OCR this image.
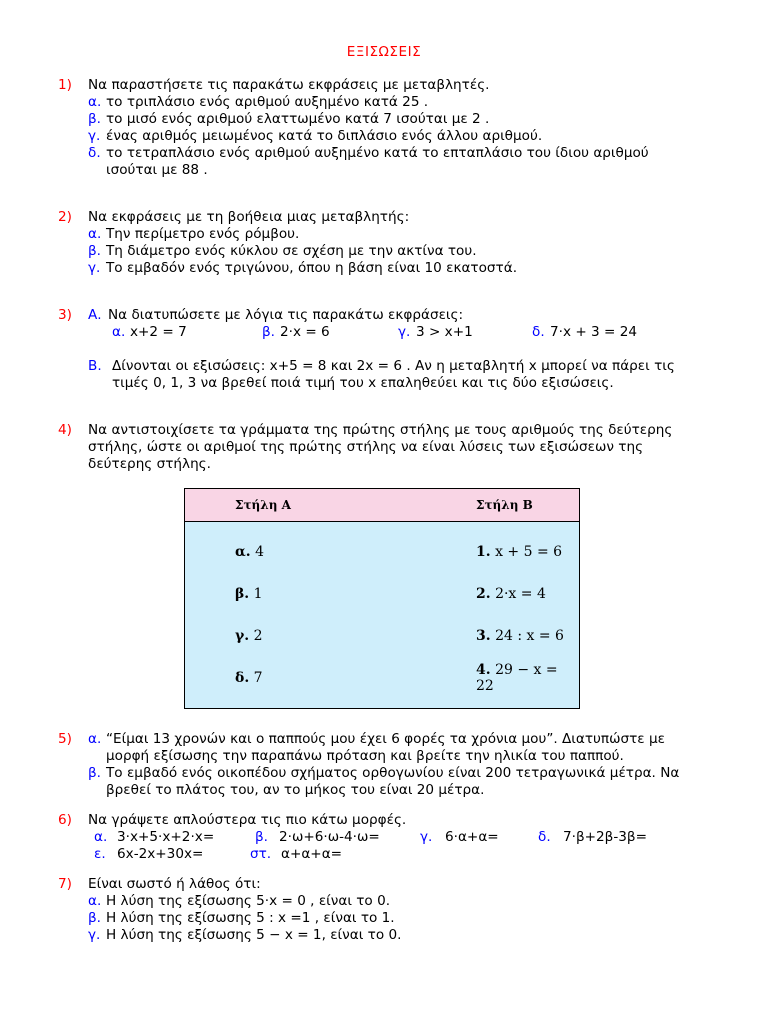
ΕΞΙΣΩΣΕΙΣ
1) Να παραστήσετε τις παρακάτω εκφράσεις με μεταβλητές.
α. το τριπλάσιο ενός αριθμού αυξημένο κατά 25 .
β. το μισό ενός αριθμού ελαττωμένο κατά 7 ισούται με 2 .
γ. ένας αριθμός μειωμένος κατά το διπλάσιο ενός άλλου αριθμού.
δ. το τετραπλάσιο ενός αριθμού αυξημένο κατά το επταπλάσιο του ίδιου αριθμού
ισούται με 88 .
2) Να εκφράσεις με τη βοήθεια μιας μεταβλητής:
α. Την περίμετρο ενός ρόμβου.
β. Τη διάμετρο ενός κύκλου σε σχέση με την ακτίνα του.
γ. Το εμβαδόν ενός τριγώνου, όπου η βάση είναι 10 εκατοστά.
3) Α. Να διατυπώσετε με λόγια τις παρακάτω εκφράσεις:
α. x+2 = 7	β. 2·x = 6	γ. 3 > x+1	δ. 7·x + 3 = 24
Β. Δίνονται οι εξισώσεις: x+5 = 8 και 2x = 6 . Αν η μεταβλητή x μπορεί να πάρει τις
τιμές 0, 1, 3 να βρεθεί ποιά τιμή του x επαληθεύει και τις δύο εξισώσεις.
4) Να αντιστοιχίσετε τα γράμματα της πρώτης στήλης με τους αριθμούς της δεύτερης
στήλης, ώστε οι αριθμοί της πρώτης στήλης να είναι λύσεις των εξισώσεων της
δεύτερης στήλης.
Στήλη Α	Στήλη Β
α. 4	1. x + 5 = 6
β. 1	2. 2·x = 4
γ. 2	3. 24 : x = 6
δ. 7	4. 29 − x = 22
5) α. “Είμαι 13 χρονών και ο παππούς μου έχει 6 φορές τα χρόνια μου”. Διατυπώστε με
μορφή εξίσωσης την παραπάνω πρόταση και βρείτε την ηλικία του παππού.
β. Το εμβαδό ενός οικοπέδου σχήματος ορθογωνίου είναι 200 τετραγωνικά μέτρα. Να
βρεθεί το πλάτος του, αν το μήκος του είναι 20 μέτρα.
6) Να γράψετε απλούστερα τις πιο κάτω μορφές.
α. 3·x+5·x+2·x=	β. 2·ω+6·ω-4·ω=	γ. 6·α+α=	δ. 7·β+2β-3β=
ε. 6x-2x+30x=	στ. α+α+α=
7) Είναι σωστό ή λάθος ότι:
α. Η λύση της εξίσωσης 5·x = 0 , είναι το 0.
β. Η λύση της εξίσωσης 5 : x =1 , είναι το 1.
γ. Η λύση της εξίσωσης 5 − x = 1, είναι το 0.
